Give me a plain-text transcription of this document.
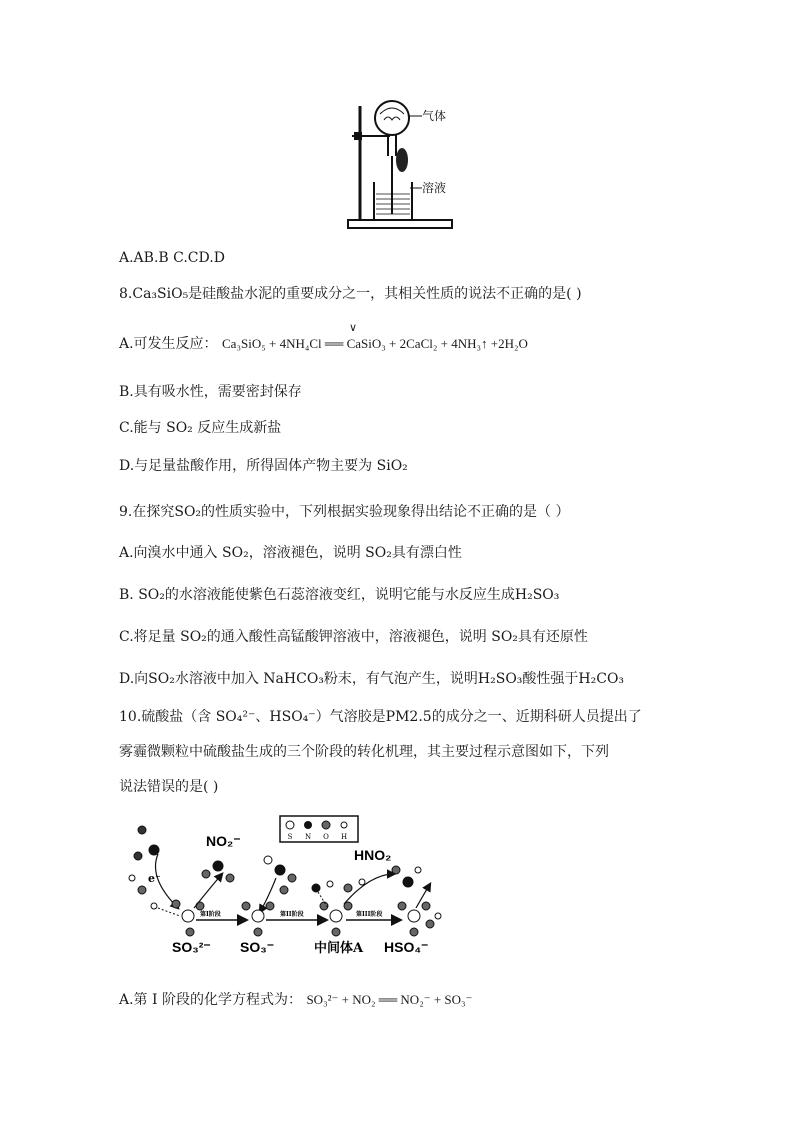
气体
溶液
A.AB.B C.CD.D
8.Ca₃SiO₅是硅酸盐水泥的重要成分之一，其相关性质的说法不正确的是( )
A.可发生反应： Ca₃SiO₅ + 4NH₄Cl ══ CaSiO₃ + 2CaCl₂ + 4NH₃↑ +2H₂O
∨
B.具有吸水性，需要密封保存
C.能与 SO₂ 反应生成新盐
D.与足量盐酸作用，所得固体产物主要为 SiO₂
9.在探究SO₂的性质实验中，下列根据实验现象得出结论不正确的是（ ）
A.向溴水中通入 SO₂，溶液褪色，说明 SO₂具有漂白性
B. SO₂的水溶液能使紫色石蕊溶液变红，说明它能与水反应生成H₂SO₃
C.将足量 SO₂的通入酸性高锰酸钾溶液中，溶液褪色，说明 SO₂具有还原性
D.向SO₂水溶液中加入 NaHCO₃粉末，有气泡产生，说明H₂SO₃酸性强于H₂CO₃
10.硫酸盐（含 SO₄²⁻、HSO₄⁻）气溶胶是PM2.5的成分之一、近期科研人员提出了
雾霾微颗粒中硫酸盐生成的三个阶段的转化机理，其主要过程示意图如下，下列
说法错误的是( )
S N O H
e⁻
NO₂⁻
第I阶段
SO₃²⁻ SO₃⁻
第II阶段
中间体A
第III阶段
HNO₂
HSO₄⁻
A.第 I 阶段的化学方程式为： SO₃²⁻ + NO₂ ══ NO₂⁻ + SO₃⁻
